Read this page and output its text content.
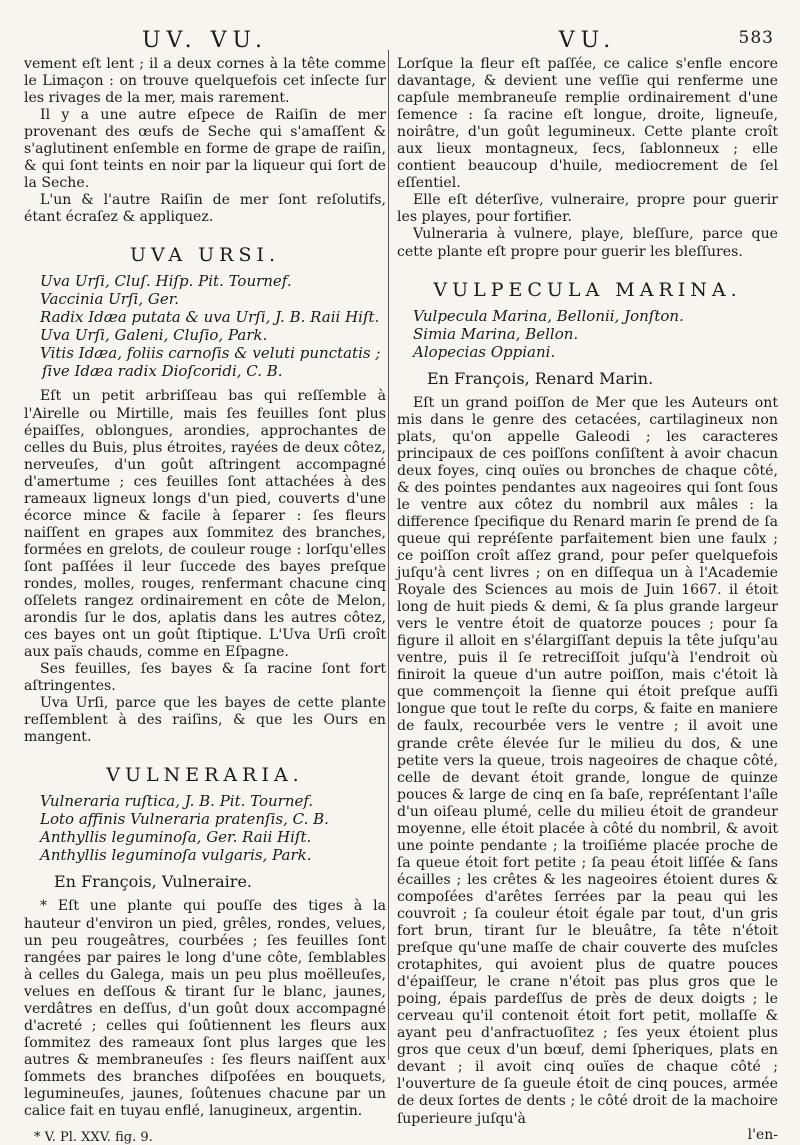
583
UV. VU.

vement eſt lent ; il a deux cornes à la tête comme le Limaçon : on trouve quelquefois cet inſecte ſur les rivages de la mer, mais rarement.

Il y a une autre eſpece de Raiſin de mer provenant des œufs de Seche qui s'amaſſent & s'aglutinent enſemble en forme de grape de raiſin, & qui ſont teints en noir par la liqueur qui ſort de la Seche.

L'un & l'autre Raiſin de mer ſont reſolutifs, étant écraſez & appliquez.

UVA URSI.
Uva Urſi, Cluſ. Hiſp. Pit. Tournef.
Vaccinia Urſi, Ger.
Radix Idæa putata & uva Urſi, J. B. Raii Hiſt.
Uva Urſi, Galeni, Cluſio, Park.
Vitis Idæa, foliis carnoſis & veluti punctatis ; ſive Idæa radix Dioſcoridi, C. B.

Eſt un petit arbriſſeau bas qui reſſemble à l'Airelle ou Mirtille, mais ſes feuilles ſont plus épaiſſes, oblongues, arondies, approchantes de celles du Buis, plus étroites, rayées de deux côtez, nerveuſes, d'un goût aſtringent accompagné d'amertume ; ces feuilles ſont attachées à des rameaux ligneux longs d'un pied, couverts d'une écorce mince & facile à ſeparer : ſes fleurs naiſſent en grapes aux ſommitez des branches, formées en grelots, de couleur rouge : lorſqu'elles ſont paſſées il leur ſuccede des bayes preſque rondes, molles, rouges, renfermant chacune cinq oſſelets rangez ordinairement en côte de Melon, arondis ſur le dos, aplatis dans les autres côtez, ces bayes ont un goût ſtiptique. L'Uva Urſi croît aux païs chauds, comme en Eſpagne.

Ses feuilles, ſes bayes & ſa racine ſont fort aſtringentes.

Uva Urſi, parce que les bayes de cette plante reſſemblent à des raiſins, & que les Ours en mangent.

VULNERARIA.
Vulneraria ruſtica, J. B. Pit. Tournef.
Loto affinis Vulneraria pratenſis, C. B.
Anthyllis leguminoſa, Ger. Raii Hiſt.
Anthyllis leguminoſa vulgaris, Park.
En François, Vulneraire.

* Eſt une plante qui pouſſe des tiges à la hauteur d'environ un pied, grêles, rondes, velues, un peu rougeâtres, courbées ; ſes feuilles ſont rangées par paires le long d'une côte, ſemblables à celles du Galega, mais un peu plus moëlleuſes, velues en deſſous & tirant ſur le blanc, jaunes, verdâtres en deſſus, d'un goût doux accompagné d'acreté ; celles qui ſoûtiennent les fleurs aux ſommitez des rameaux ſont plus larges que les autres & membraneuſes : ſes fleurs naiſſent aux ſommets des branches diſpoſées en bouquets, legumineuſes, jaunes, ſoûtenues chacune par un calice fait en tuyau enflé, lanugineux, argentin.

* V. Pl. XXV. fig. 9.
VU.

Lorſque la fleur eſt paſſée, ce calice s'enfle encore davantage, & devient une veſſie qui renferme une capſule membraneuſe remplie ordinairement d'une ſemence : ſa racine eſt longue, droite, ligneuſe, noirâtre, d'un goût legumineux. Cette plante croît aux lieux montagneux, ſecs, ſablonneux ; elle contient beaucoup d'huile, mediocrement de ſel eſſentiel.

Elle eſt déterſive, vulneraire, propre pour guerir les playes, pour fortifier.

Vulneraria à vulnere, playe, bleſſure, parce que cette plante eſt propre pour guerir les bleſſures.

VULPECULA MARINA.
Vulpecula Marina, Bellonii, Jonſton.
Simia Marina, Bellon.
Alopecias Oppiani.
En François, Renard Marin.

Eſt un grand poiſſon de Mer que les Auteurs ont mis dans le genre des cetacées, cartilagineux non plats, qu'on appelle Galeodi ; les caracteres principaux de ces poiſſons conſiſtent à avoir chacun deux foyes, cinq ouïes ou bronches de chaque côté, & des pointes pendantes aux nageoires qui ſont ſous le ventre aux côtez du nombril aux mâles : la difference ſpecifique du Renard marin ſe prend de ſa queue qui repréſente parfaitement bien une faulx ; ce poiſſon croît aſſez grand, pour peſer quelquefois juſqu'à cent livres ; on en diſſequa un à l'Academie Royale des Sciences au mois de Juin 1667. il étoit long de huit pieds & demi, & ſa plus grande largeur vers le ventre étoit de quatorze pouces ; pour ſa figure il alloit en s'élargiſſant depuis la tête juſqu'au ventre, puis il ſe retreciſſoit juſqu'à l'endroit où finiroit la queue d'un autre poiſſon, mais c'étoit là que commençoit la ſienne qui étoit preſque auſſi longue que tout le reſte du corps, & faite en maniere de faulx, recourbée vers le ventre ; il avoit une grande crête élevée ſur le milieu du dos, & une petite vers la queue, trois nageoires de chaque côté, celle de devant étoit grande, longue de quinze pouces & large de cinq en ſa baſe, repréſentant l'aîle d'un oiſeau plumé, celle du milieu étoit de grandeur moyenne, elle étoit placée à côté du nombril, & avoit une pointe pendante ; la troiſiéme placée proche de ſa queue étoit fort petite ; ſa peau étoit liſſée & ſans écailles ; les crêtes & les nageoires étoient dures & compoſées d'arêtes ſerrées par la peau qui les couvroit ; ſa couleur étoit égale par tout, d'un gris fort brun, tirant ſur le bleuâtre, ſa tête n'étoit preſque qu'une maſſe de chair couverte des muſcles crotaphites, qui avoient plus de quatre pouces d'épaiſſeur, le crane n'étoit pas plus gros que le poing, épais pardeſſus de près de deux doigts ; le cerveau qu'il contenoit étoit fort petit, mollaſſe & ayant peu d'anfractuoſitez ; ſes yeux étoient plus gros que ceux d'un bœuf, demi ſpheriques, plats en devant ; il avoit cinq ouïes de chaque côté ; l'ouverture de ſa gueule étoit de cinq pouces, armée de deux ſortes de dents ; le côté droit de la machoire ſuperieure juſqu'à

l'en-
